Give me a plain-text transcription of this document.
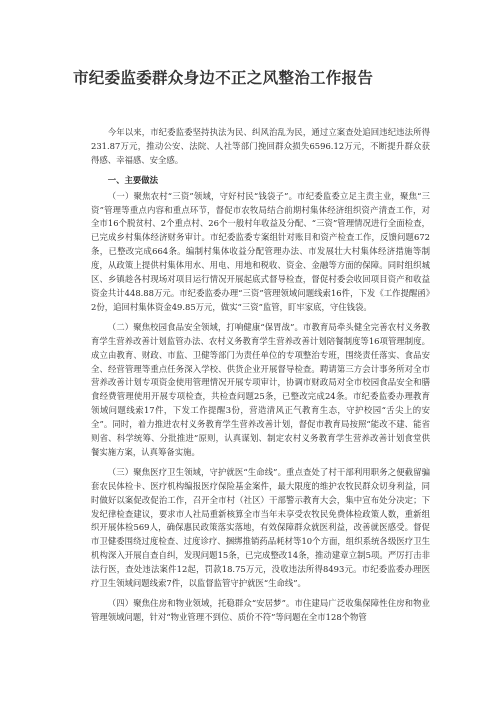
市纪委监委群众身边不正之风整治工作报告

今年以来，市纪委监委坚持执法为民、纠风治乱为民，通过立案查处追回违纪违法所得231.87万元，推动公安、法院、人社等部门挽回群众损失6596.12万元，不断提升群众获得感、幸福感、安全感。

一、主要做法

（一）聚焦农村“三资”领域，守好村民“钱袋子”。市纪委监委立足主责主业，聚焦“三资”管理等重点内容和重点环节，督促市农牧局结合前期村集体经济组织资产清查工作，对全市16个脱贫村、2个重点村、26个一般村年收益及分配、“三资”管理情况进行全面检查，已完成乡村集体经济财务审计。市纪委监委专案组针对账目和资产检查工作，反馈问题672条，已整改完成664条。编制村集体收益分配管理办法、市发展壮大村集体经济措施等制度，从政策上提供村集体用水、用电、用地和税收、资金、金融等方面的保障。同时组织城区、乡镇趁各村现场对项目运行情况开展起底式督导检查，督促村委会收回项目资产和收益资金共计448.88万元。市纪委监委办理“三资”管理领域问题线索16件，下发《工作提醒函》2份，追回村集体资金49.85万元，做实“三资”监管，盯牢家底，守住钱袋。

（二）聚焦校园食品安全领域，打响健康“保胃战”。市教育局牵头健全完善农村义务教育学生营养改善计划监管办法、农村义务教育学生营养改善计划陪餐制度等16项管理制度。成立由教育、财政、市监、卫健等部门为责任单位的专项整治专班，围绕责任落实、食品安全、经营管理等重点任务深入学校、供货企业开展督导检查。聘请第三方会计事务所对全市营养改善计划专项资金使用管理情况开展专项审计，协调市财政局对全市校园食品安全和膳食经费管理使用开展专项检查，共检查问题25条，已整改完成24条。市纪委监委办理教育领域问题线索17件，下发工作提醒3份，营造清风正气教育生态，守护校园“舌尖上的安全”。同时，着力推进农村义务教育学生营养改善计划，督促市教育局按照“能改不建、能省则省、科学统筹、分批推进”原则，认真谋划、制定农村义务教育学生营养改善计划食堂供餐实施方案，认真筹备实施。

（三）聚焦医疗卫生领域，守护就医“生命线”。重点查处了村干部利用职务之便截留骗套农民体检卡、医疗机构编报医疗保险基金案件，最大限度的维护农牧民群众切身利益，同时做好以案促改促治工作，召开全市村（社区）干部警示教育大会，集中宣布处分决定；下发纪律检查建议，要求市人社局重新核算全市当年未享受农牧民免费体检政策人数，重新组织开展体检569人，确保惠民政策落实落地，有效保障群众就医利益，改善就医感受。督促市卫健委围绕过度检查、过度诊疗、捆绑推销药品耗材等10个方面，组织系统各级医疗卫生机构深入开展自查自纠，发现问题15条，已完成整改14条，推动建章立制5项。严厉打击非法行医，查处违法案件12起，罚款18.75万元，没收违法所得8493元。市纪委监委办理医疗卫生领域问题线索7件，以监督监管守护就医“生命线”。

（四）聚焦住房和物业领域，托稳群众“安居梦”。市住建局广泛收集保障性住房和物业管理领域问题，针对“物业管理不到位、质价不符”等问题在全市128个物管
